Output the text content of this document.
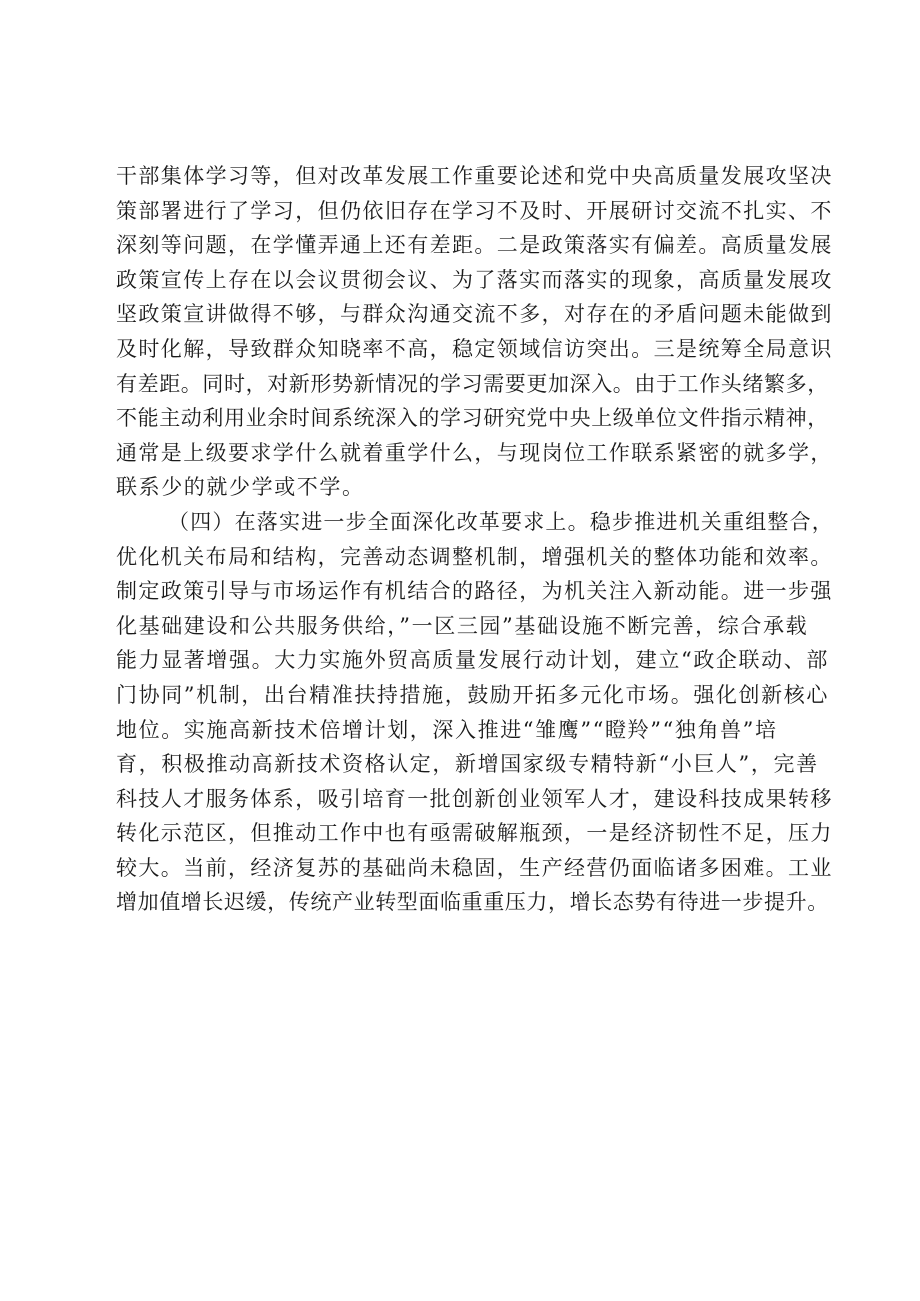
干部集体学习等，但对改革发展工作重要论述和党中央高质量发展攻坚决
策部署进行了学习，但仍依旧存在学习不及时、开展研讨交流不扎实、不
深刻等问题，在学懂弄通上还有差距。二是政策落实有偏差。高质量发展
政策宣传上存在以会议贯彻会议、为了落实而落实的现象，高质量发展攻
坚政策宣讲做得不够，与群众沟通交流不多，对存在的矛盾问题未能做到
及时化解，导致群众知晓率不高，稳定领域信访突出。三是统筹全局意识
有差距。同时，对新形势新情况的学习需要更加深入。由于工作头绪繁多，
不能主动利用业余时间系统深入的学习研究党中央上级单位文件指示精神，
通常是上级要求学什么就着重学什么，与现岗位工作联系紧密的就多学，
联系少的就少学或不学。
（四）在落实进一步全面深化改革要求上。稳步推进机关重组整合，
优化机关布局和结构，完善动态调整机制，增强机关的整体功能和效率。
制定政策引导与市场运作有机结合的路径，为机关注入新动能。进一步强
化基础建设和公共服务供给，”一区三园”基础设施不断完善，综合承载
能力显著增强。大力实施外贸高质量发展行动计划，建立“政企联动、部
门协同”机制，出台精准扶持措施，鼓励开拓多元化市场。强化创新核心
地位。实施高新技术倍增计划，深入推进“雏鹰”“瞪羚”“独角兽”培
育，积极推动高新技术资格认定，新增国家级专精特新“小巨人”，完善
科技人才服务体系，吸引培育一批创新创业领军人才，建设科技成果转移
转化示范区，但推动工作中也有亟需破解瓶颈，一是经济韧性不足，压力
较大。当前，经济复苏的基础尚未稳固，生产经营仍面临诸多困难。工业
增加值增长迟缓，传统产业转型面临重重压力，增长态势有待进一步提升。
